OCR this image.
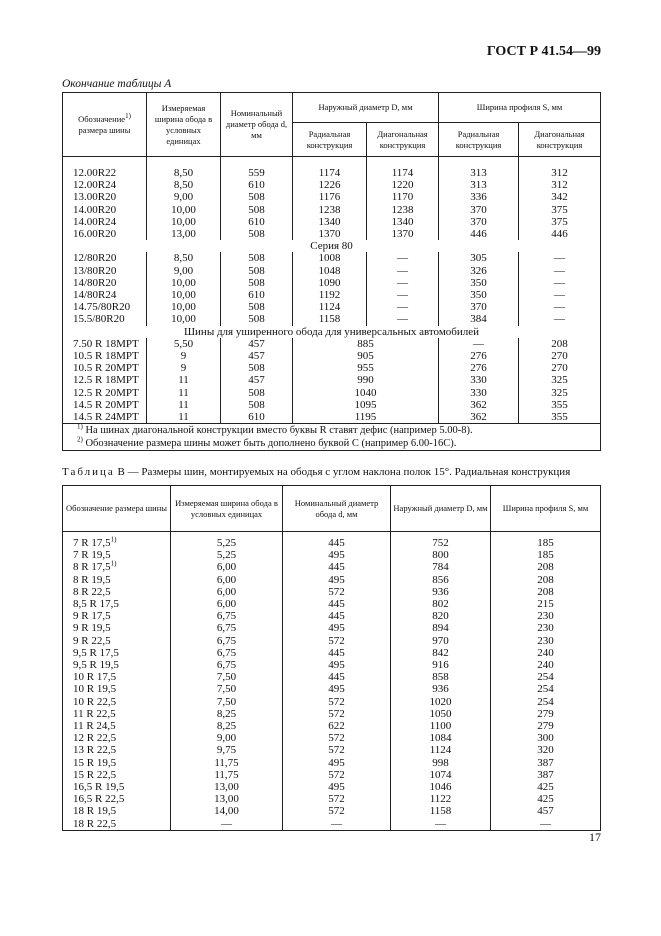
ГОСТ Р 41.54—99
Окончание таблицы А
Обозначение$^{1)}$
размера шины	Измеряемая ширина обода в условных единицах	Номинальный диаметр обода d, мм	Наружный диаметр D, мм		Ширина профиля S, мм	
			Радиальная конструкция	Диагональная конструкция	Радиальная конструкция	Диагональная конструкция

12.00R22	8,50	559	1174	1174	313	312
12.00R24	8,50	610	1226	1220	313	312
13.00R20	9,00	508	1176	1170	336	342
14.00R20	10,00	508	1238	1238	370	375
14.00R24	10,00	610	1340	1340	370	375
16.00R20	13,00	508	1370	1370	446	446
Серия 80						
12/80R20	8,50	508	1008	—	305	—
13/80R20	9,00	508	1048	—	326	—
14/80R20	10,00	508	1090	—	350	—
14/80R24	10,00	610	1192	—	350	—
14.75/80R20	10,00	508	1124	—	370	—
15.5/80R20	10,00	508	1158	—	384	—
Шины для уширенного обода для универсальных автомобилей						
7.50 R 18MPT	5,50	457	885		—	208
10.5 R 18MPT	9	457	905		276	270
10.5 R 20MPT	9	508	955		276	270
12.5 R 18MPT	11	457	990		330	325
12.5 R 20MPT	11	508	1040		330	325
14.5 R 20MPT	11	508	1095		362	355
14.5 R 24MPT	11	610	1195		362	355
$^{1)}$ На шинах диагональной конструкции вместо буквы R ставят дефис (например 5.00-8).						
$^{2)}$ Обозначение размера шины может быть дополнено буквой С (например 6.00-16С).						
Таблица В — Размеры шин, монтируемых на ободья с углом наклона полок 15°. Радиальная конструкция
Обозначение размера шины	Измеряемая ширина обода в условных единицах	Номинальный диаметр обода d, мм	Наружный диаметр D, мм	Ширина профиля S, мм

7 R 17,5$^{1)}$	5,25	445	752	185
7 R 19,5	5,25	495	800	185
8 R 17,5$^{1)}$	6,00	445	784	208
8 R 19,5	6,00	495	856	208
8 R 22,5	6,00	572	936	208
8,5 R 17,5	6,00	445	802	215
9 R 17,5	6,75	445	820	230
9 R 19,5	6,75	495	894	230
9 R 22,5	6,75	572	970	230
9,5 R 17,5	6,75	445	842	240
9,5 R 19,5	6,75	495	916	240
10 R 17,5	7,50	445	858	254
10 R 19,5	7,50	495	936	254
10 R 22,5	7,50	572	1020	254
11 R 22,5	8,25	572	1050	279
11 R 24,5	8,25	622	1100	279
12 R 22,5	9,00	572	1084	300
13 R 22,5	9,75	572	1124	320
15 R 19,5	11,75	495	998	387
15 R 22,5	11,75	572	1074	387
16,5 R 19,5	13,00	495	1046	425
16,5 R 22,5	13,00	572	1122	425
18 R 19,5	14,00	572	1158	457
18 R 22,5	—	—	—	—
17
